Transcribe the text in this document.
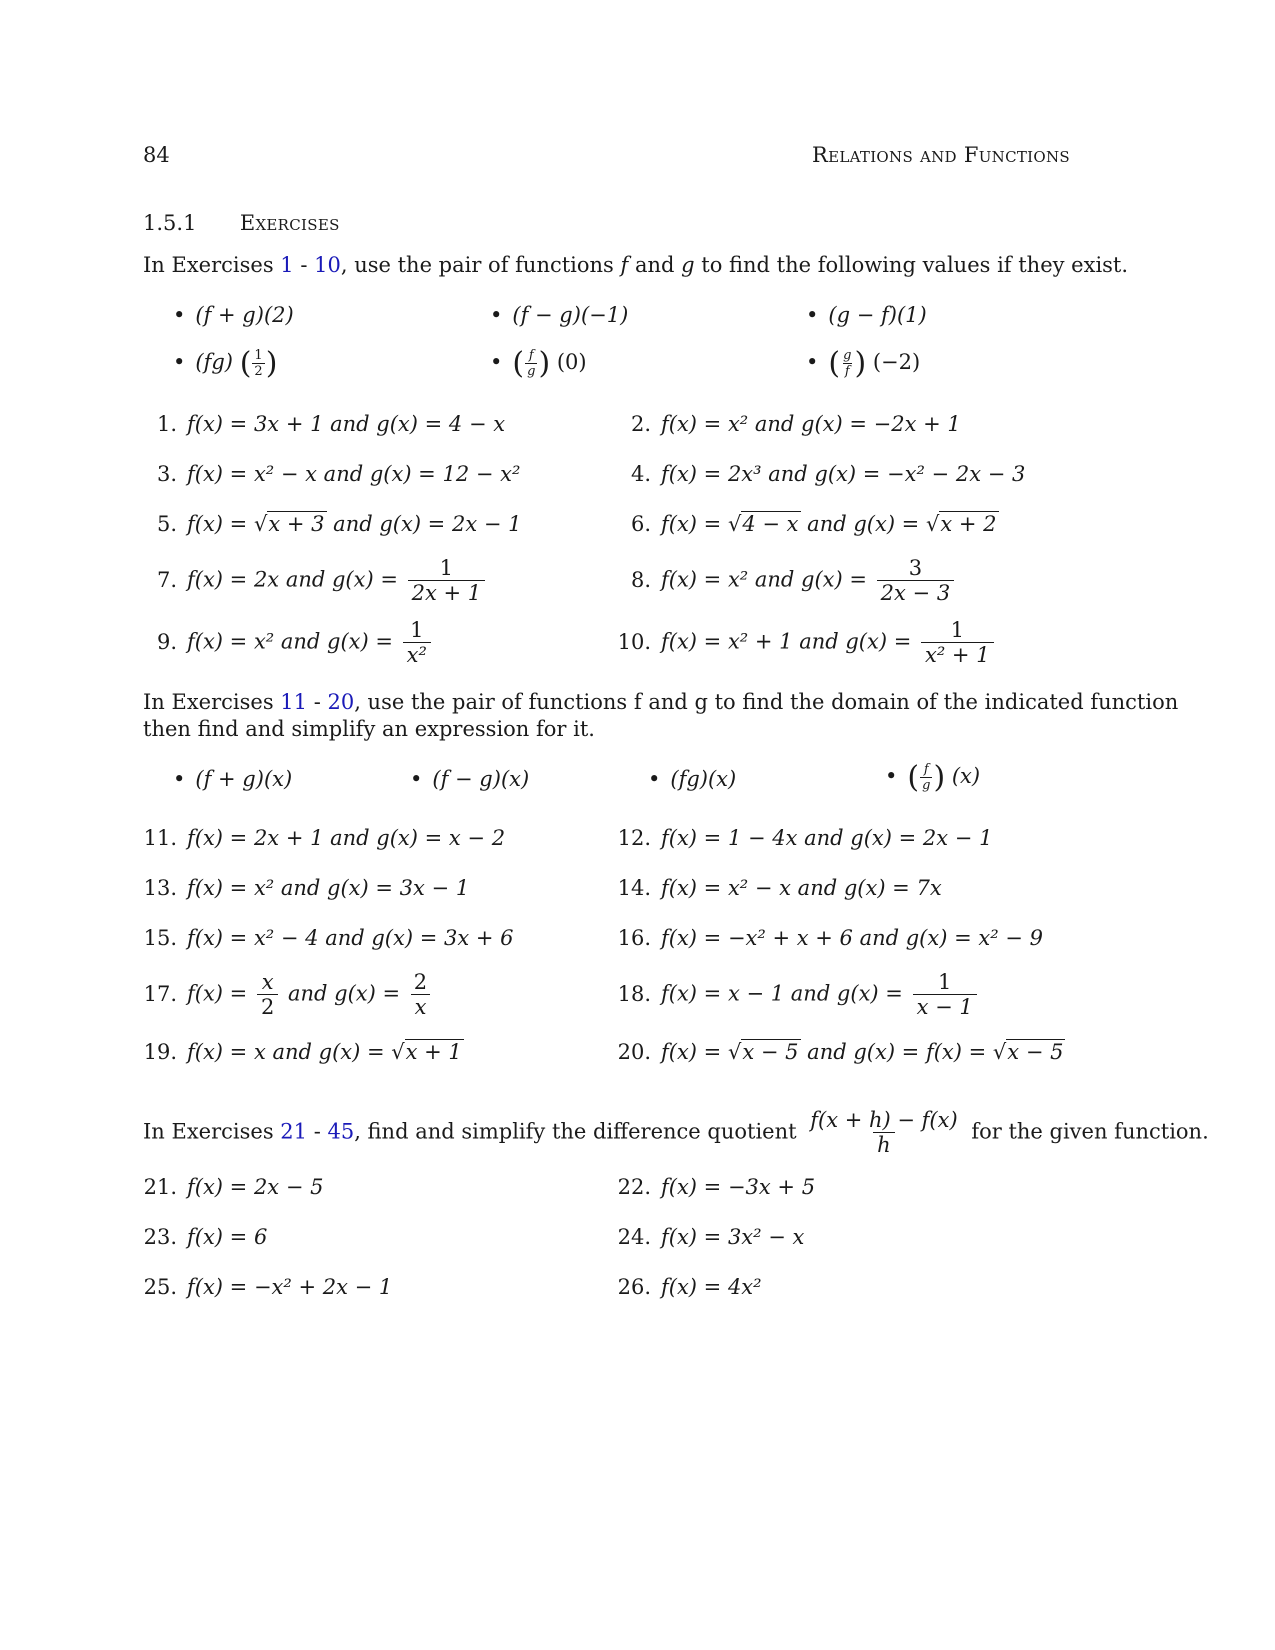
84	Relations and Functions
1.5.1 Exercises
In Exercises 1 - 10, use the pair of functions f and g to find the following values if they exist.
• (f + g)(2)	• (f − g)(−1)	• (g − f)(1)
• (fg) ( $\frac{1}{2}$ )	• ( $\frac{f}{g}$ ) (0)	• ( $\frac{g}{f}$ ) (−2)
1. f(x) = 3x + 1 and g(x) = 4 − x	2. f(x) = x² and g(x) = −2x + 1
3. f(x) = x² − x and g(x) = 12 − x²	4. f(x) = 2x³ and g(x) = −x² − 2x − 3
5. f(x) = √x + 3 and g(x) = 2x − 1	6. f(x) = √4 − x and g(x) = √x + 2
7. f(x) = 2x and $g(x) = \frac{1}{2x + 1}$	8. f(x) = x² and $g(x) = \frac{3}{2x - 3}$
9. f(x) = x² and $g(x) = \frac{1}{\text{x²}}$	10. f(x) = x² + 1 and $g(x) = \frac{1}{\text{x² + 1}}$
In Exercises 11 - 20, use the pair of functions f and g to find the domain of the indicated function
then find and simplify an expression for it.
• (f + g)(x)	• (f − g)(x)	• (fg)(x)	• ( $\frac{f}{g}$ ) (x)
11. f(x) = 2x + 1 and g(x) = x − 2	12. f(x) = 1 − 4x and g(x) = 2x − 1
13. f(x) = x² and g(x) = 3x − 1	14. f(x) = x² − x and g(x) = 7x
15. f(x) = x² − 4 and g(x) = 3x + 6	16. f(x) = −x² + x + 6 and g(x) = x² − 9
17. $f(x) = \frac{x}{2}$ and $g(x) = \frac{2}{x}$	18. f(x) = x − 1 and $g(x) = \frac{1}{x - 1}$
19. f(x) = x and g(x) = √x + 1	20. f(x) = √x − 5 and g(x) = f(x) = √x − 5
In Exercises 21 - 45, find and simplify the difference quotient $\frac{f(x + h) - f(x)}{h}$ for the given function.
21. f(x) = 2x − 5	22. f(x) = −3x + 5
23. f(x) = 6	24. f(x) = 3x² − x
25. f(x) = −x² + 2x − 1	26. f(x) = 4x²
